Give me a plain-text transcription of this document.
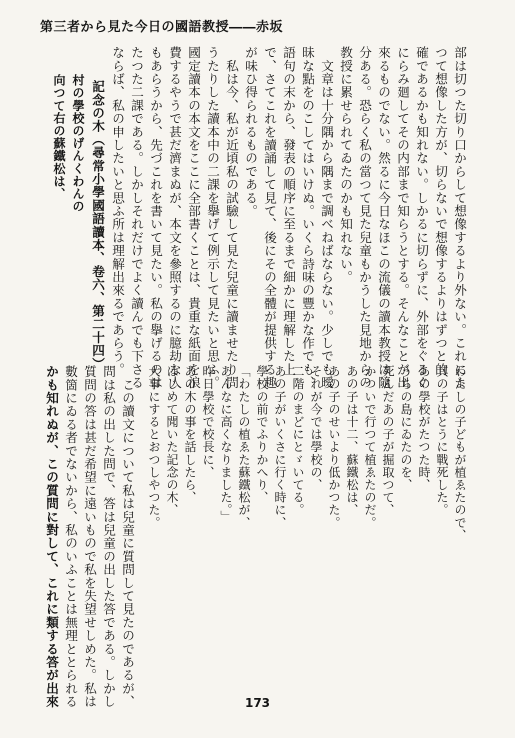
第三者から見た今日の國語教授――赤坂
部は切つた切り口からして想像するより外ない。これによ
つて想像した方が、切らないで想像するよりはずつと的
確であるかも知れない。しかるに切らずに、外部をぐるぐ
にらみ廻してその内部まで知らうとする。そんなことが出
來るものでない。然るに今日なほこの流儀の讀本教授は隨
分ある。恐らく私の當つて見た兒童もかうした見地からの
教授に累せられてゐたのかも知れない。
　文章は十分隅から隅まで調べねばならない。少しでも曖
昧な點をのこしてはいけぬ。いくら詩味の豐かな作でも、
語句の末から、發表の順序に至るまで細かに理解した上
で、さてこれを讀誦して見て、後にその全體が提供する趣
が味ひ得られるものである。
　私は今、私が近頃私の試驗して見た兒童に讀ませたり問
うたりした讀本中の二課を擧げて例示して見たいと思ふ。
國定讀本の本文をここに全部書くことは、貴重な紙面を浪
費するやうで甚だ濟まぬが、本文を參照するのに臆劫な人
もあらうから、先づこれを書いて見たい。私の擧げるのは
たつた二課である。しかしそれだけでよく讀んでも下さる
ならば、私の申したいと思ふ所は理解出來るであらう。
記念の木（尋常小學國語讀本、卷六、第二十四）
村の學校のげんくわんの
向つて右の蘇鐵松は、
わたしの子どもが植ゑたので、
其の子はとうに戰死した。
あの學校がたつた時、
うちの島にゐたのを、
死んだあの子が掘取つて、
かついで行つて植ゑたのだ。
あの子は十二、蘇鐵松は、
あの子のせいより低かつた。
それが今では學校の、
二階のまどにとゞいてる。
あの子がいくさに行く時に、
學校の前でふりかへり、
「わたしの植ゑた蘇鐵松が、
あんなに高くなりました。」
昨日學校で校長に、
あの木の事を話したら、
はじめて聞いた記念の木、
大事にするとおつしやつた。
　この讀文について私は兒童に質問して見たのであるが、
問は私の出した問で、答は兒童の出した答である。しかし
質問の答は甚だ希望に遠いもので私を失望せしめた。私は
數箇にゐる者でないから、私のいふことは無理ととられる
かも知れぬが、この質問に對して、これに類する答が出來	173
